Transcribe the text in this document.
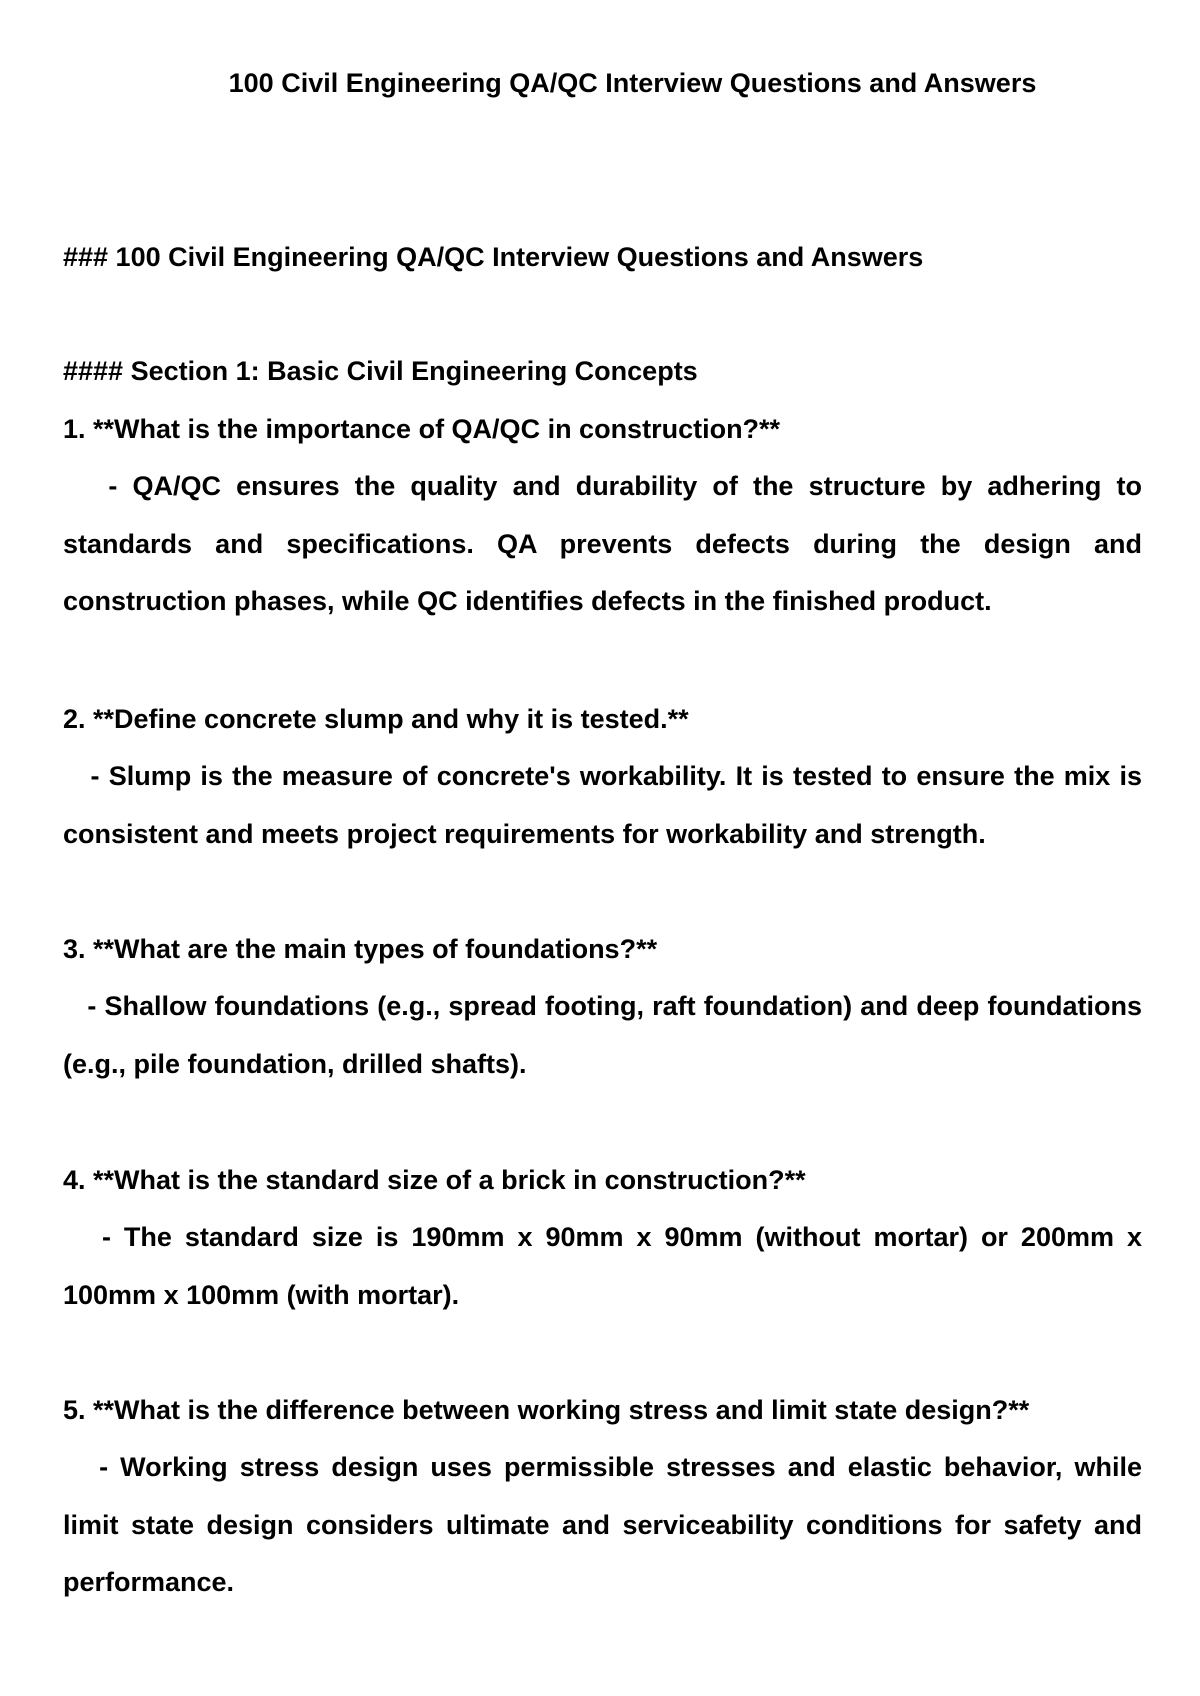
100 Civil Engineering QA/QC Interview Questions and Answers
### 100 Civil Engineering QA/QC Interview Questions and Answers
#### Section 1: Basic Civil Engineering Concepts
1. **What is the importance of QA/QC in construction?**
- QA/QC ensures the quality and durability of the structure by adhering to standards and specifications. QA prevents defects during the design and construction phases, while QC identifies defects in the finished product.
2. **Define concrete slump and why it is tested.**
- Slump is the measure of concrete's workability. It is tested to ensure the mix is consistent and meets project requirements for workability and strength.
3. **What are the main types of foundations?**
- Shallow foundations (e.g., spread footing, raft foundation) and deep foundations (e.g., pile foundation, drilled shafts).
4. **What is the standard size of a brick in construction?**
- The standard size is 190mm x 90mm x 90mm (without mortar) or 200mm x 100mm x 100mm (with mortar).
5. **What is the difference between working stress and limit state design?**
- Working stress design uses permissible stresses and elastic behavior, while limit state design considers ultimate and serviceability conditions for safety and performance.
